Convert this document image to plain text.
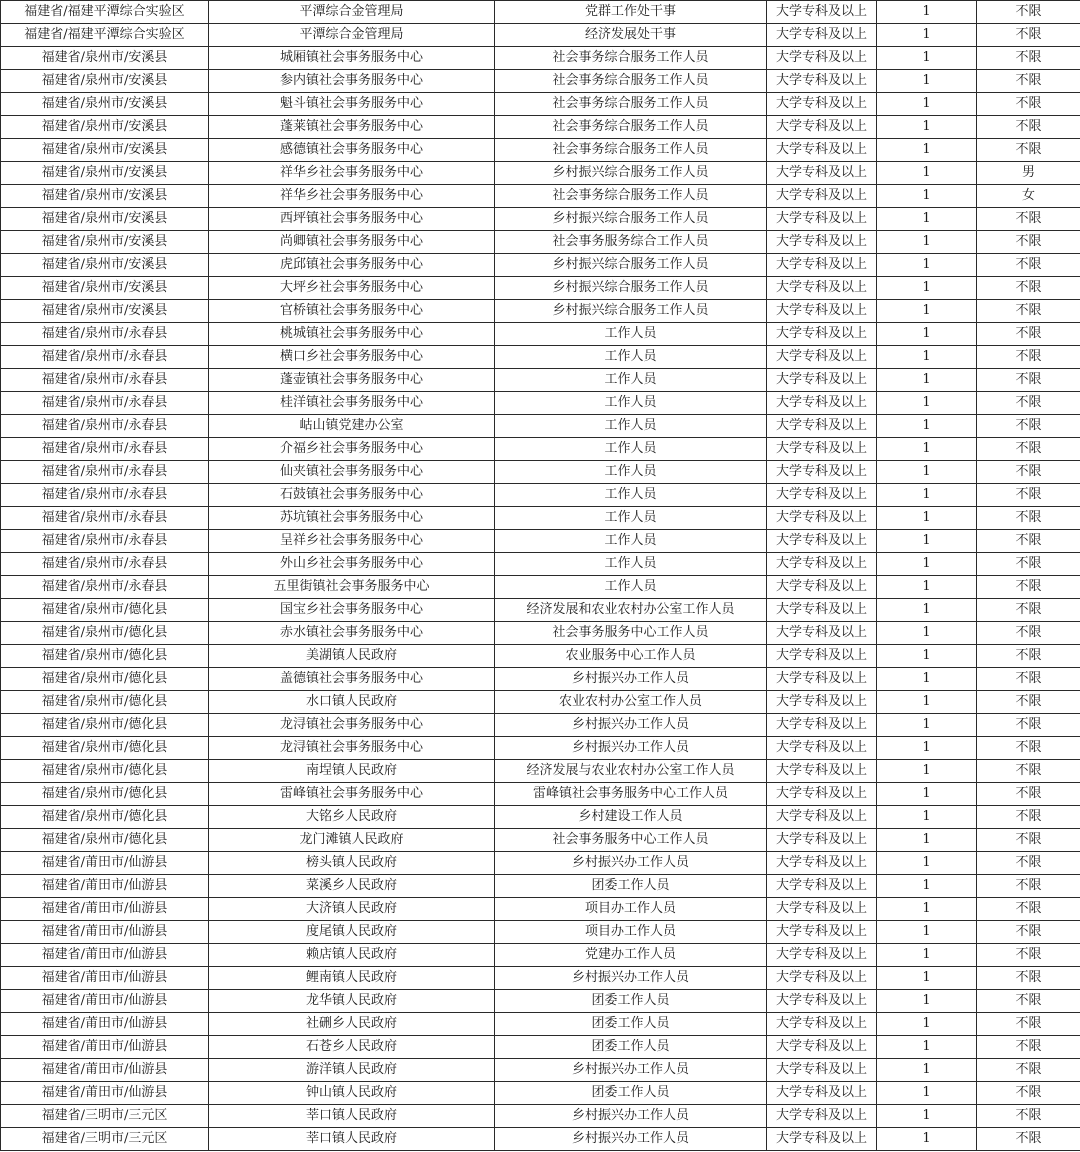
福建省/福建平潭综合实验区	平潭综合金管理局	党群工作处干事	大学专科及以上	1	不限
福建省/福建平潭综合实验区	平潭综合金管理局	经济发展处干事	大学专科及以上	1	不限
福建省/泉州市/安溪县	城厢镇社会事务服务中心	社会事务综合服务工作人员	大学专科及以上	1	不限
福建省/泉州市/安溪县	参内镇社会事务服务中心	社会事务综合服务工作人员	大学专科及以上	1	不限
福建省/泉州市/安溪县	魁斗镇社会事务服务中心	社会事务综合服务工作人员	大学专科及以上	1	不限
福建省/泉州市/安溪县	蓬莱镇社会事务服务中心	社会事务综合服务工作人员	大学专科及以上	1	不限
福建省/泉州市/安溪县	感德镇社会事务服务中心	社会事务综合服务工作人员	大学专科及以上	1	不限
福建省/泉州市/安溪县	祥华乡社会事务服务中心	乡村振兴综合服务工作人员	大学专科及以上	1	男
福建省/泉州市/安溪县	祥华乡社会事务服务中心	社会事务综合服务工作人员	大学专科及以上	1	女
福建省/泉州市/安溪县	西坪镇社会事务服务中心	乡村振兴综合服务工作人员	大学专科及以上	1	不限
福建省/泉州市/安溪县	尚卿镇社会事务服务中心	社会事务服务综合工作人员	大学专科及以上	1	不限
福建省/泉州市/安溪县	虎邱镇社会事务服务中心	乡村振兴综合服务工作人员	大学专科及以上	1	不限
福建省/泉州市/安溪县	大坪乡社会事务服务中心	乡村振兴综合服务工作人员	大学专科及以上	1	不限
福建省/泉州市/安溪县	官桥镇社会事务服务中心	乡村振兴综合服务工作人员	大学专科及以上	1	不限
福建省/泉州市/永春县	桃城镇社会事务服务中心	工作人员	大学专科及以上	1	不限
福建省/泉州市/永春县	横口乡社会事务服务中心	工作人员	大学专科及以上	1	不限
福建省/泉州市/永春县	蓬壶镇社会事务服务中心	工作人员	大学专科及以上	1	不限
福建省/泉州市/永春县	桂洋镇社会事务服务中心	工作人员	大学专科及以上	1	不限
福建省/泉州市/永春县	岵山镇党建办公室	工作人员	大学专科及以上	1	不限
福建省/泉州市/永春县	介福乡社会事务服务中心	工作人员	大学专科及以上	1	不限
福建省/泉州市/永春县	仙夹镇社会事务服务中心	工作人员	大学专科及以上	1	不限
福建省/泉州市/永春县	石鼓镇社会事务服务中心	工作人员	大学专科及以上	1	不限
福建省/泉州市/永春县	苏坑镇社会事务服务中心	工作人员	大学专科及以上	1	不限
福建省/泉州市/永春县	呈祥乡社会事务服务中心	工作人员	大学专科及以上	1	不限
福建省/泉州市/永春县	外山乡社会事务服务中心	工作人员	大学专科及以上	1	不限
福建省/泉州市/永春县	五里街镇社会事务服务中心	工作人员	大学专科及以上	1	不限
福建省/泉州市/德化县	国宝乡社会事务服务中心	经济发展和农业农村办公室工作人员	大学专科及以上	1	不限
福建省/泉州市/德化县	赤水镇社会事务服务中心	社会事务服务中心工作人员	大学专科及以上	1	不限
福建省/泉州市/德化县	美湖镇人民政府	农业服务中心工作人员	大学专科及以上	1	不限
福建省/泉州市/德化县	盖德镇社会事务服务中心	乡村振兴办工作人员	大学专科及以上	1	不限
福建省/泉州市/德化县	水口镇人民政府	农业农村办公室工作人员	大学专科及以上	1	不限
福建省/泉州市/德化县	龙浔镇社会事务服务中心	乡村振兴办工作人员	大学专科及以上	1	不限
福建省/泉州市/德化县	龙浔镇社会事务服务中心	乡村振兴办工作人员	大学专科及以上	1	不限
福建省/泉州市/德化县	南埕镇人民政府	经济发展与农业农村办公室工作人员	大学专科及以上	1	不限
福建省/泉州市/德化县	雷峰镇社会事务服务中心	雷峰镇社会事务服务中心工作人员	大学专科及以上	1	不限
福建省/泉州市/德化县	大铭乡人民政府	乡村建设工作人员	大学专科及以上	1	不限
福建省/泉州市/德化县	龙门滩镇人民政府	社会事务服务中心工作人员	大学专科及以上	1	不限
福建省/莆田市/仙游县	榜头镇人民政府	乡村振兴办工作人员	大学专科及以上	1	不限
福建省/莆田市/仙游县	菜溪乡人民政府	团委工作人员	大学专科及以上	1	不限
福建省/莆田市/仙游县	大济镇人民政府	项目办工作人员	大学专科及以上	1	不限
福建省/莆田市/仙游县	度尾镇人民政府	项目办工作人员	大学专科及以上	1	不限
福建省/莆田市/仙游县	赖店镇人民政府	党建办工作人员	大学专科及以上	1	不限
福建省/莆田市/仙游县	鲤南镇人民政府	乡村振兴办工作人员	大学专科及以上	1	不限
福建省/莆田市/仙游县	龙华镇人民政府	团委工作人员	大学专科及以上	1	不限
福建省/莆田市/仙游县	社硎乡人民政府	团委工作人员	大学专科及以上	1	不限
福建省/莆田市/仙游县	石苍乡人民政府	团委工作人员	大学专科及以上	1	不限
福建省/莆田市/仙游县	游洋镇人民政府	乡村振兴办工作人员	大学专科及以上	1	不限
福建省/莆田市/仙游县	钟山镇人民政府	团委工作人员	大学专科及以上	1	不限
福建省/三明市/三元区	莘口镇人民政府	乡村振兴办工作人员	大学专科及以上	1	不限
福建省/三明市/三元区	莘口镇人民政府	乡村振兴办工作人员	大学专科及以上	1	不限
